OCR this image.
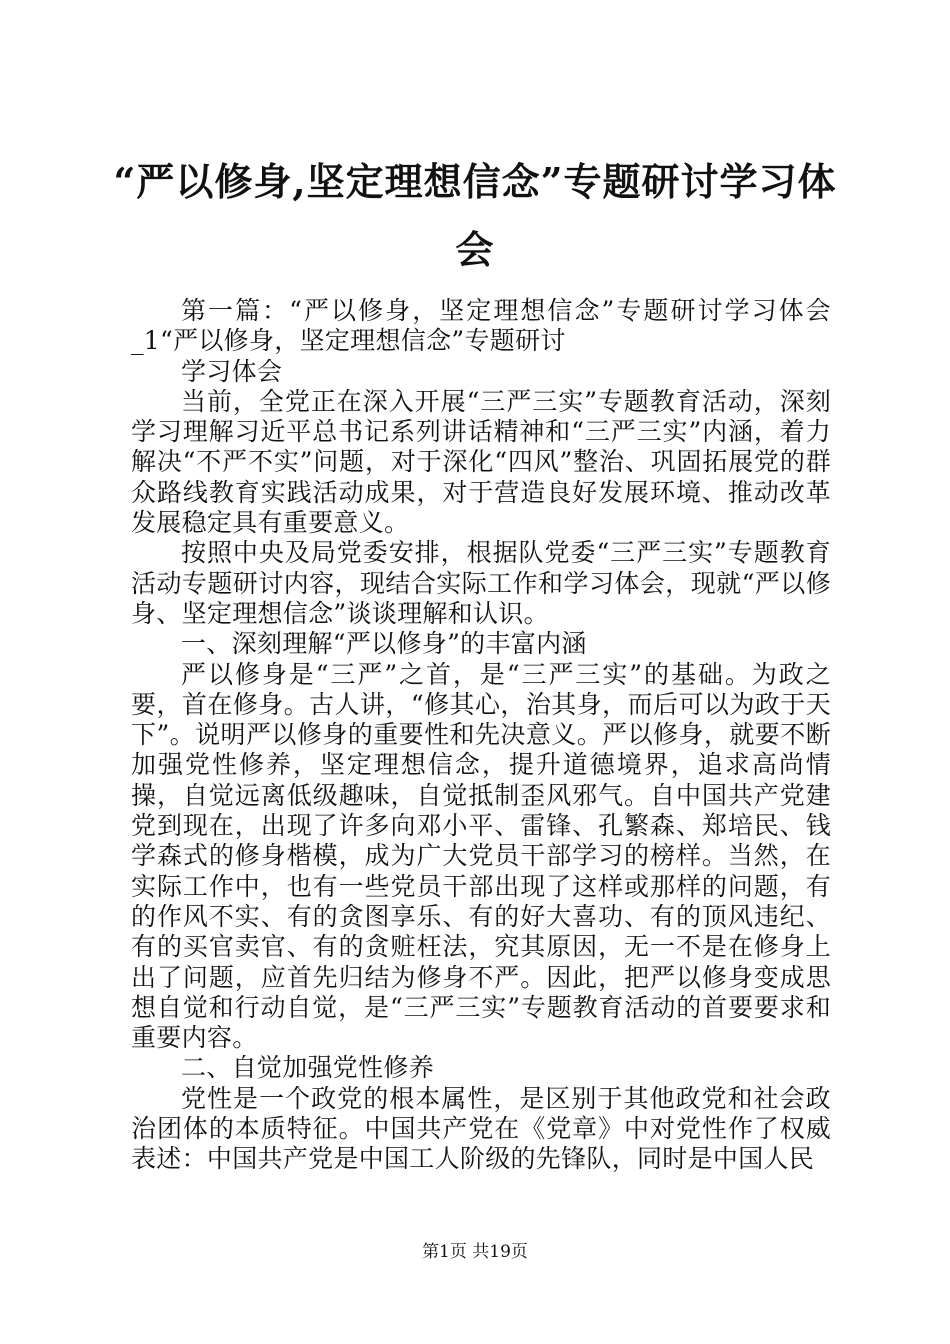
“严以修身,坚定理想信念”专题研讨学习体会

第一篇：“严以修身，坚定理想信念”专题研讨学习体会_1“严以修身，坚定理想信念”专题研讨

学习体会

当前，全党正在深入开展“三严三实”专题教育活动，深刻学习理解习近平总书记系列讲话精神和“三严三实”内涵，着力解决“不严不实”问题，对于深化“四风”整治、巩固拓展党的群众路线教育实践活动成果，对于营造良好发展环境、推动改革发展稳定具有重要意义。

按照中央及局党委安排，根据队党委“三严三实”专题教育活动专题研讨内容，现结合实际工作和学习体会，现就“严以修身、坚定理想信念”谈谈理解和认识。

一、深刻理解“严以修身”的丰富内涵

严以修身是“三严”之首，是“三严三实”的基础。为政之要，首在修身。古人讲，“修其心，治其身，而后可以为政于天下”。说明严以修身的重要性和先决意义。严以修身，就要不断加强党性修养，坚定理想信念，提升道德境界，追求高尚情操，自觉远离低级趣味，自觉抵制歪风邪气。自中国共产党建党到现在，出现了许多向邓小平、雷锋、孔繁森、郑培民、钱学森式的修身楷模，成为广大党员干部学习的榜样。当然，在实际工作中，也有一些党员干部出现了这样或那样的问题，有的作风不实、有的贪图享乐、有的好大喜功、有的顶风违纪、有的买官卖官、有的贪赃枉法，究其原因，无一不是在修身上出了问题，应首先归结为修身不严。因此，把严以修身变成思想自觉和行动自觉，是“三严三实”专题教育活动的首要要求和重要内容。

二、自觉加强党性修养

党性是一个政党的根本属性，是区别于其他政党和社会政治团体的本质特征。中国共产党在《党章》中对党性作了权威表述：中国共产党是中国工人阶级的先锋队，同时是中国人民

第1页 共19页
